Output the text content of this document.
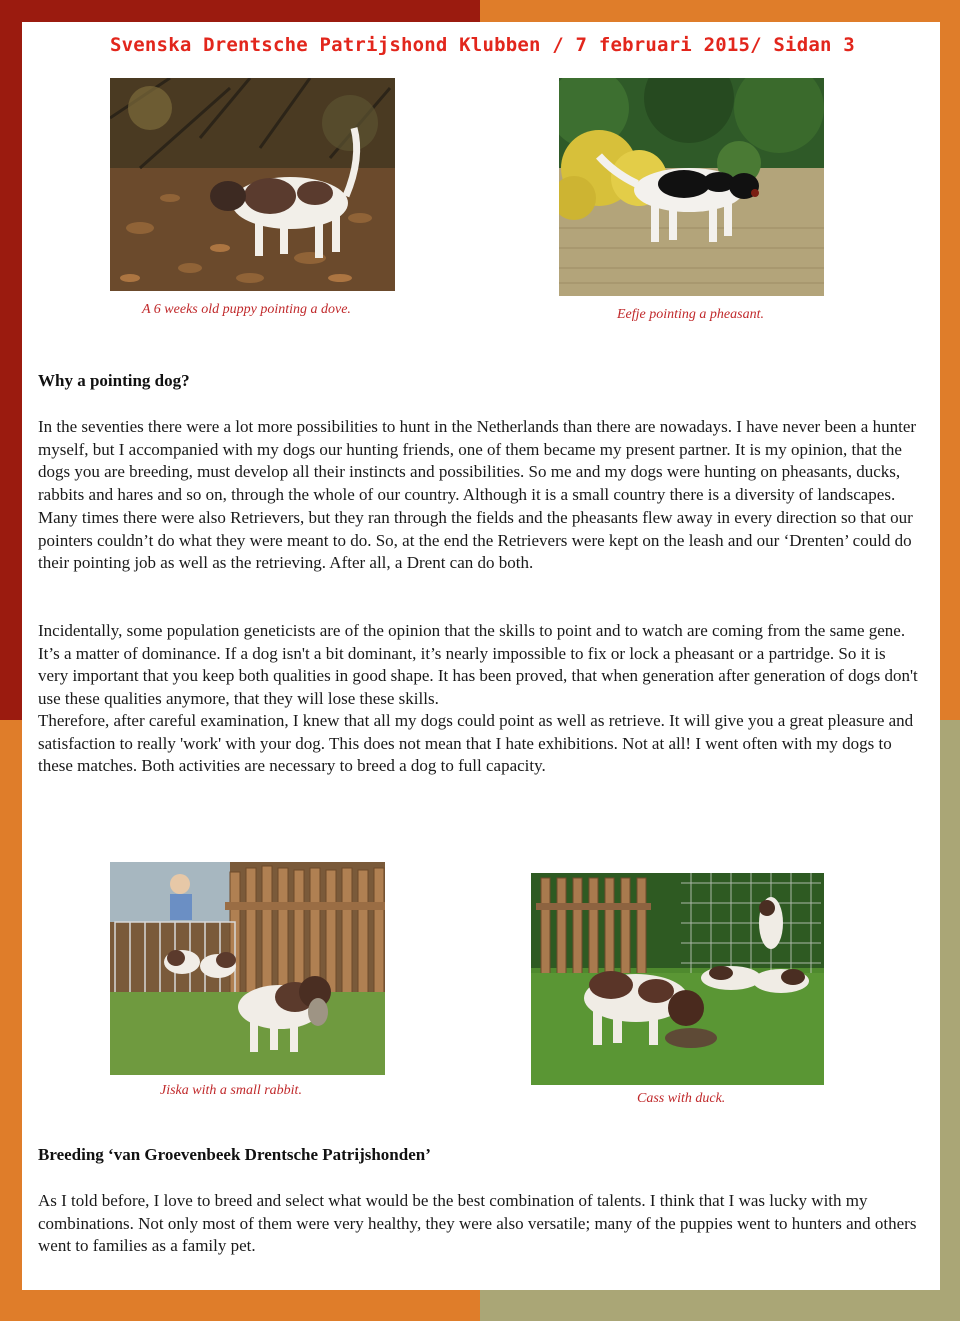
Svenska Drentsche Patrijshond Klubben / 7 februari 2015/ Sidan 3
A 6 weeks old puppy pointing a dove.	Eefje pointing a pheasant.
Why a pointing dog?

In the seventies there were a lot more possibilities to hunt in the Netherlands than there are nowadays. I have never been a hunter myself, but I accompanied with my dogs our hunting friends, one of them became my present partner. It is my opinion, that the dogs you are breeding, must develop all their instincts and possibilities. So me and my dogs were hunting on pheasants, ducks, rabbits and hares and so on, through the whole of our country. Although it is a small country there is a diversity of landscapes. Many times there were also Retrievers, but they ran through the fields and the pheasants flew away in every direction so that our pointers couldn’t do what they were meant to do. So, at the end the Retrievers were kept on the leash and our ‘Drenten’ could do their pointing job as well as the retrieving. After all, a Drent can do both.

Incidentally, some population geneticists are of the opinion that the skills to point and to watch are coming from the same gene. It’s a matter of dominance. If a dog isn't a bit dominant, it’s nearly impossible to fix or lock a pheasant or a partridge. So it is very important that you keep both qualities in good shape. It has been proved, that when generation after generation of dogs don't use these qualities anymore, that they will lose these skills.

Therefore, after careful examination, I knew that all my dogs could point as well as retrieve. It will give you a great pleasure and satisfaction to really 'work' with your dog. This does not mean that I hate exhibitions. Not at all! I went often with my dogs to these matches. Both activities are necessary to breed a dog to full capacity.

Jiska with a small rabbit.
Cass with duck.
Breeding ‘van Groevenbeek Drentsche Patrijshonden’

As I told before, I love to breed and select what would be the best combination of talents. I think that I was lucky with my combinations. Not only most of them were very healthy, they were also versatile; many of the puppies went to hunters and others went to families as a family pet.
